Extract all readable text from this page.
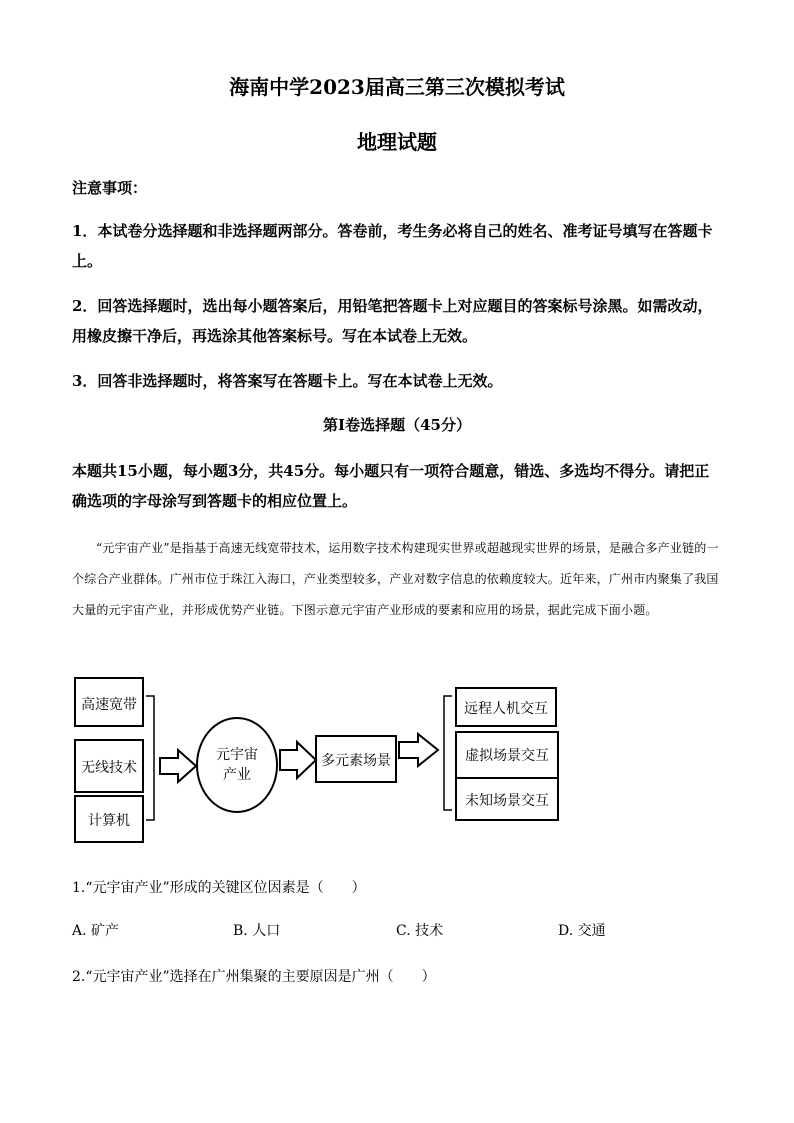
海南中学2023届高三第三次模拟考试
地理试题
注意事项：
1．本试卷分选择题和非选择题两部分。答卷前，考生务必将自己的姓名、准考证号填写在答题卡上。
2．回答选择题时，选出每小题答案后，用铅笔把答题卡上对应题目的答案标号涂黑。如需改动，用橡皮擦干净后，再选涂其他答案标号。写在本试卷上无效。
3．回答非选择题时，将答案写在答题卡上。写在本试卷上无效。
第Ⅰ卷选择题（45分）
本题共15小题，每小题3分，共45分。每小题只有一项符合题意，错选、多选均不得分。请把正确选项的字母涂写到答题卡的相应位置上。
“元宇宙产业”是指基于高速无线宽带技术，运用数字技术构建现实世界或超越现实世界的场景，是融合多产业链的一个综合产业群体。广州市位于珠江入海口，产业类型较多，产业对数字信息的依赖度较大。近年来，广州市内聚集了我国大量的元宇宙产业，并形成优势产业链。下图示意元宇宙产业形成的要素和应用的场景，据此完成下面小题。
高速宽带
无线技术
计算机
元宇宙
产业
多元素场景
远程人机交互
虚拟场景交互
未知场景交互
1.“元宇宙产业”形成的关键区位因素是（　　）
A. 矿产	B. 人口	C. 技术	D. 交通
2.“元宇宙产业”选择在广州集聚的主要原因是广州（　　）
